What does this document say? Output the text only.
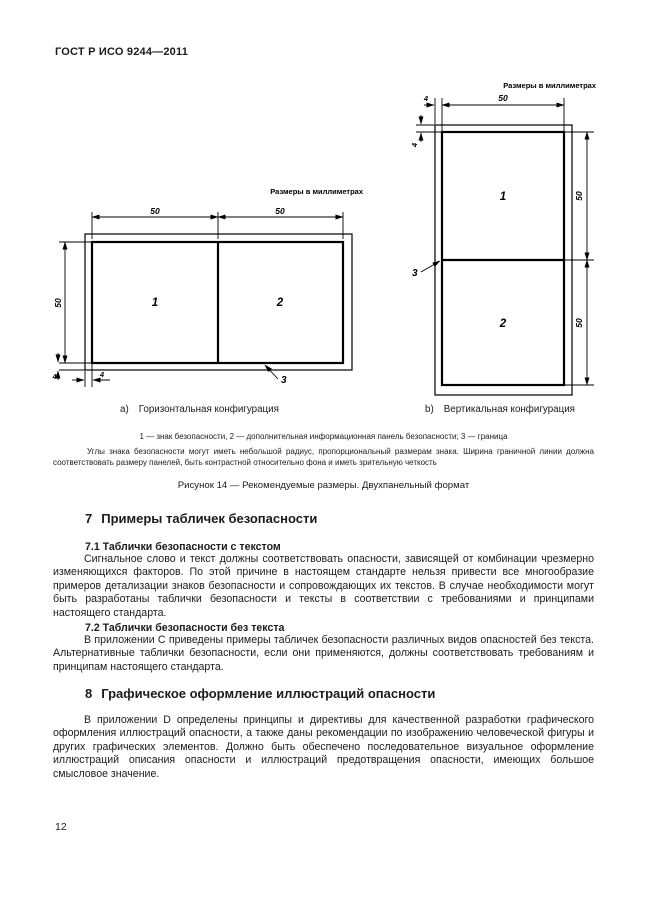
ГОСТ Р ИСО 9244—2011
Размеры в миллиметрах
4	50
4
50
50
3
1
2
Размеры в миллиметрах
50	50
50
4
4	3
1	2
a) Горизонтальная конфигурация	b) Вертикальная конфигурация
1 — знак безопасности, 2 — дополнительная информационная панель безопасности; 3 — граница
Углы знака безопасности могут иметь небольшой радиус, пропорциональный размерам знака. Ширина граничной линии должна соответствовать размеру панелей, быть контрастной относительно фона и иметь зрительную четкость
Рисунок 14 — Рекомендуемые размеры. Двухпанельный формат
7 Примеры табличек безопасности
7.1 Таблички безопасности с текстом
Сигнальное слово и текст должны соответствовать опасности, зависящей от комбинации чрезмерно изменяющихся факторов. По этой причине в настоящем стандарте нельзя привести все многообразие примеров детализации знаков безопасности и сопровождающих их текстов. В случае необходимости могут быть разработаны таблички безопасности и тексты в соответствии с требованиями и принципами настоящего стандарта.
7.2 Таблички безопасности без текста
В приложении С приведены примеры табличек безопасности различных видов опасностей без текста. Альтернативные таблички безопасности, если они применяются, должны соответствовать требованиям и принципам настоящего стандарта.
8 Графическое оформление иллюстраций опасности
В приложении D определены принципы и директивы для качественной разработки графического оформления иллюстраций опасности, а также даны рекомендации по изображению человеческой фигуры и других графических элементов. Должно быть обеспечено последовательное визуальное оформление иллюстраций описания опасности и иллюстраций предотвращения опасности, имеющих большое смысловое значение.
12
